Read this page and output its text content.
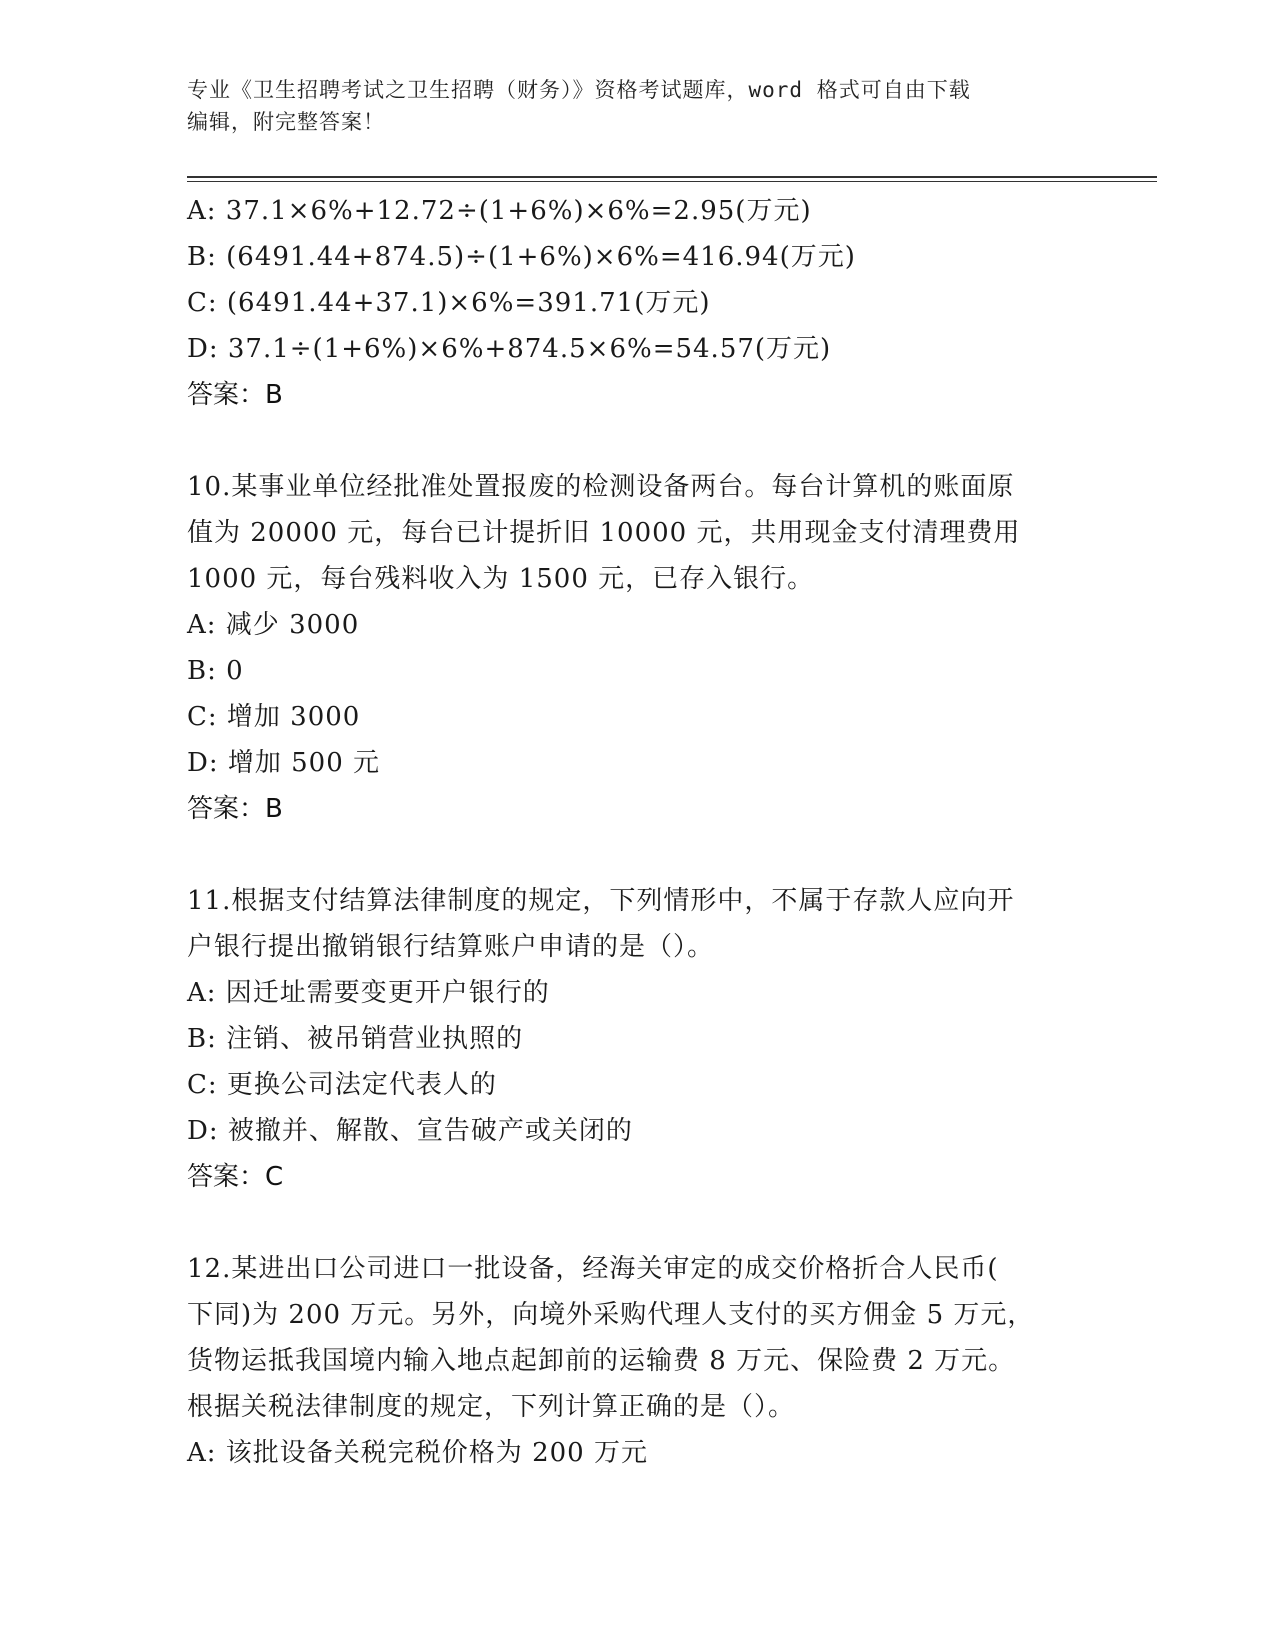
专业《卫生招聘考试之卫生招聘（财务）》资格考试题库，word 格式可自由下载
编辑，附完整答案！
A: 37.1×6%+12.72÷(1+6%)×6%=2.95(万元)
B: (6491.44+874.5)÷(1+6%)×6%=416.94(万元)
C: (6491.44+37.1)×6%=391.71(万元)
D: 37.1÷(1+6%)×6%+874.5×6%=54.57(万元)
答案：B
10.某事业单位经批准处置报废的检测设备两台。每台计算机的账面原
值为 20000 元，每台已计提折旧 10000 元，共用现金支付清理费用
1000 元，每台残料收入为 1500 元，已存入银行。
A: 减少 3000
B: 0
C: 增加 3000
D: 增加 500 元
答案：B
11.根据支付结算法律制度的规定，下列情形中，不属于存款人应向开
户银行提出撤销银行结算账户申请的是（）。
A: 因迁址需要变更开户银行的
B: 注销、被吊销营业执照的
C: 更换公司法定代表人的
D: 被撤并、解散、宣告破产或关闭的
答案：C
12.某进出口公司进口一批设备，经海关审定的成交价格折合人民币(
下同)为 200 万元。另外，向境外采购代理人支付的买方佣金 5 万元，
货物运抵我国境内输入地点起卸前的运输费 8 万元、保险费 2 万元。
根据关税法律制度的规定，下列计算正确的是（）。
A: 该批设备关税完税价格为 200 万元
